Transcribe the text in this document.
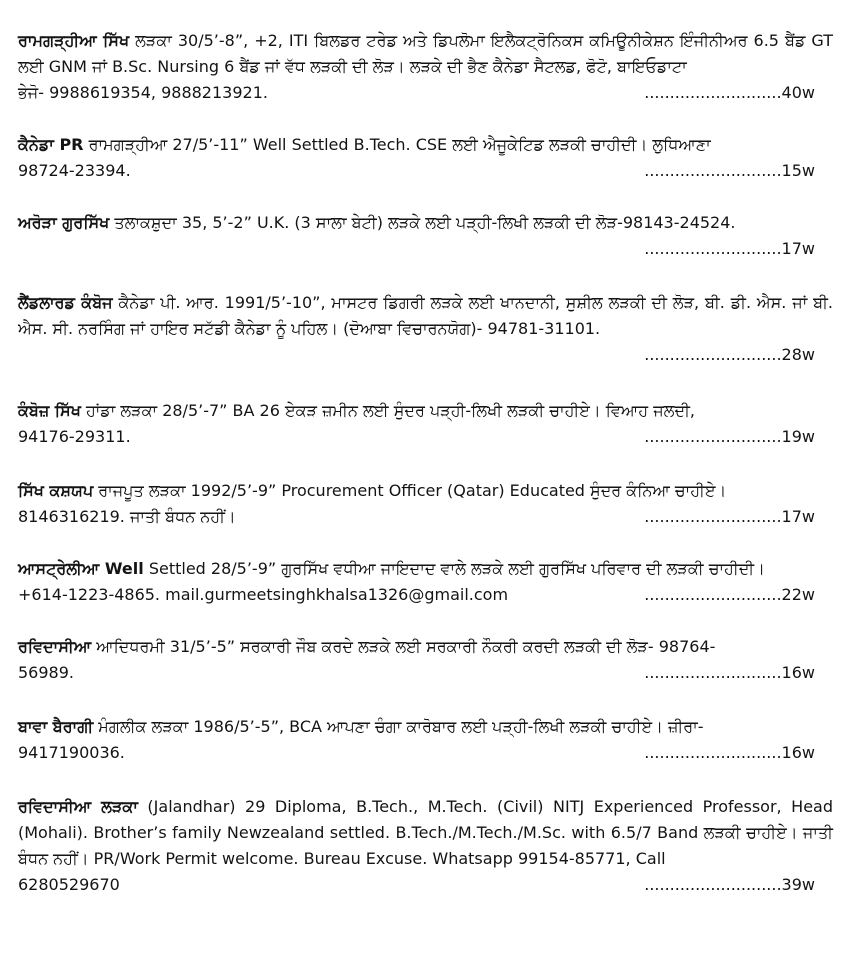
ਰਾਮਗੜ੍ਹੀਆ ਸਿੱਖ ਲੜਕਾ 30/5’-8”, +2, ITI ਬਿਲਡਰ ਟਰੇਡ ਅਤੇ ਡਿਪਲੋਮਾ ਇਲੈਕਟ੍ਰੋਨਿਕਸ ਕਮਿਊਨੀਕੇਸ਼ਨ ਇੰਜੀਨੀਅਰ 6.5 ਬੈਂਡ GT ਲਈ GNM ਜਾਂ B.Sc. Nursing 6 ਬੈਂਡ ਜਾਂ ਵੱਧ ਲੜਕੀ ਦੀ ਲੋੜ। ਲੜਕੇ ਦੀ ਭੈਣ ਕੈਨੇਡਾ ਸੈਟਲਡ, ਫੋਟੋ, ਬਾਇਓਡਾਟਾ

ਭੇਜੋ- 9988619354, 9888213921.	...........................40w

ਕੈਨੇਡਾ PR ਰਾਮਗੜ੍ਹੀਆ 27/5’-11” Well Settled B.Tech. CSE ਲਈ ਐਜੂਕੇਟਿਡ ਲੜਕੀ ਚਾਹੀਦੀ। ਲੁਧਿਆਣਾ

98724-23394.	...........................15w

ਅਰੋੜਾ ਗੁਰਸਿੱਖ ਤਲਾਕਸ਼ੁਦਾ 35, 5’-2” U.K. (3 ਸਾਲਾ ਬੇਟੀ) ਲੜਕੇ ਲਈ ਪੜ੍ਹੀ-ਲਿਖੀ ਲੜਕੀ ਦੀ ਲੋੜ-98143-24524.

...........................17w

ਲੈਂਡਲਾਰਡ ਕੰਬੋਜ ਕੈਨੇਡਾ ਪੀ. ਆਰ. 1991/5’-10”, ਮਾਸਟਰ ਡਿਗਰੀ ਲੜਕੇ ਲਈ ਖਾਨਦਾਨੀ, ਸੁਸ਼ੀਲ ਲੜਕੀ ਦੀ ਲੋੜ, ਬੀ. ਡੀ. ਐਸ. ਜਾਂ ਬੀ. ਐਸ. ਸੀ. ਨਰਸਿੰਗ ਜਾਂ ਹਾਇਰ ਸਟੱਡੀ ਕੈਨੇਡਾ ਨੂੰ ਪਹਿਲ। (ਦੋਆਬਾ ਵਿਚਾਰਨਯੋਗ)- 94781-31101.

...........................28w

ਕੰਬੋਜ਼ ਸਿੱਖ ਹਾਂਡਾ ਲੜਕਾ 28/5’-7” BA 26 ਏਕੜ ਜ਼ਮੀਨ ਲਈ ਸੁੰਦਰ ਪੜ੍ਹੀ-ਲਿਖੀ ਲੜਕੀ ਚਾਹੀਏ। ਵਿਆਹ ਜਲਦੀ,

94176-29311.	...........................19w

ਸਿੱਖ ਕਸ਼ਯਪ ਰਾਜਪੂਤ ਲੜਕਾ 1992/5’-9” Procurement Officer (Qatar) Educated ਸੁੰਦਰ ਕੰਨਿਆ ਚਾਹੀਏ।

8146316219. ਜਾਤੀ ਬੰਧਨ ਨਹੀਂ।	...........................17w

ਆਸਟ੍ਰੇਲੀਆ Well Settled 28/5’-9” ਗੁਰਸਿੱਖ ਵਧੀਆ ਜਾਇਦਾਦ ਵਾਲੇ ਲੜਕੇ ਲਈ ਗੁਰਸਿੱਖ ਪਰਿਵਾਰ ਦੀ ਲੜਕੀ ਚਾਹੀਦੀ।

+614-1223-4865. mail.gurmeetsinghkhalsa1326@gmail.com	...........................22w

ਰਵਿਦਾਸੀਆ ਆਦਿਧਰਮੀ 31/5’-5” ਸਰਕਾਰੀ ਜੌਬ ਕਰਦੇ ਲੜਕੇ ਲਈ ਸਰਕਾਰੀ ਨੌਕਰੀ ਕਰਦੀ ਲੜਕੀ ਦੀ ਲੋੜ- 98764-

56989.	...........................16w

ਬਾਵਾ ਬੈਰਾਗੀ ਮੰਗਲੀਕ ਲੜਕਾ 1986/5’-5”, BCA ਆਪਣਾ ਚੰਗਾ ਕਾਰੋਬਾਰ ਲਈ ਪੜ੍ਹੀ-ਲਿਖੀ ਲੜਕੀ ਚਾਹੀਏ। ਜ਼ੀਰਾ-

9417190036.	...........................16w

ਰਵਿਦਾਸੀਆ ਲੜਕਾ (Jalandhar) 29 Diploma, B.Tech., M.Tech. (Civil) NITJ Experienced Professor, Head (Mohali). Brother’s family Newzealand settled. B.Tech./M.Tech./M.Sc. with 6.5/7 Band ਲੜਕੀ ਚਾਹੀਏ। ਜਾਤੀ ਬੰਧਨ ਨਹੀਂ। PR/Work Permit welcome. Bureau Excuse. Whatsapp 99154-85771, Call

6280529670	...........................39w
